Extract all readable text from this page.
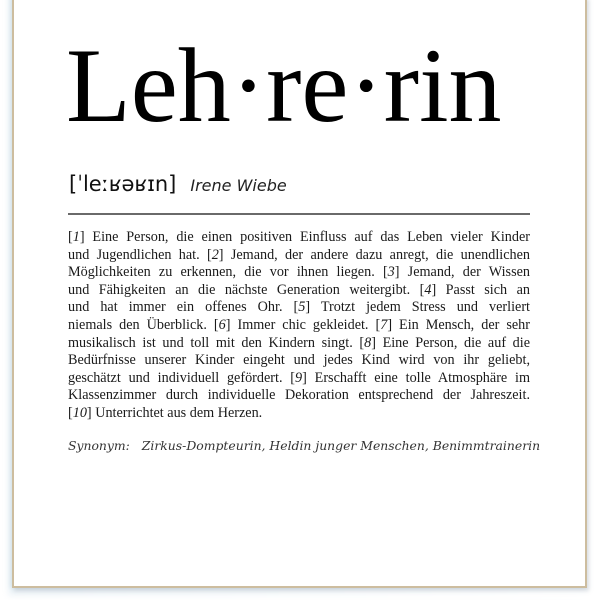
Leh·re·rin
[ˈleːʁəʁɪn] Irene Wiebe
[1] Eine Person, die einen positiven Einfluss auf das Leben vieler Kinder
und Jugendlichen hat. [2] Jemand, der andere dazu anregt, die unendlichen
Möglichkeiten zu erkennen, die vor ihnen liegen. [3] Jemand, der Wissen
und Fähigkeiten an die nächste Generation weitergibt. [4] Passt sich an
und hat immer ein offenes Ohr. [5] Trotzt jedem Stress und verliert
niemals den Überblick. [6] Immer chic gekleidet. [7] Ein Mensch, der sehr
musikalisch ist und toll mit den Kindern singt. [8] Eine Person, die auf die
Bedürfnisse unserer Kinder eingeht und jedes Kind wird von ihr geliebt,
geschätzt und individuell gefördert. [9] Erschafft eine tolle Atmosphäre im
Klassenzimmer durch individuelle Dekoration entsprechend der Jahreszeit.
[10] Unterrichtet aus dem Herzen.
Synonym: Zirkus-Dompteurin, Heldin junger Menschen, Benimmtrainerin
